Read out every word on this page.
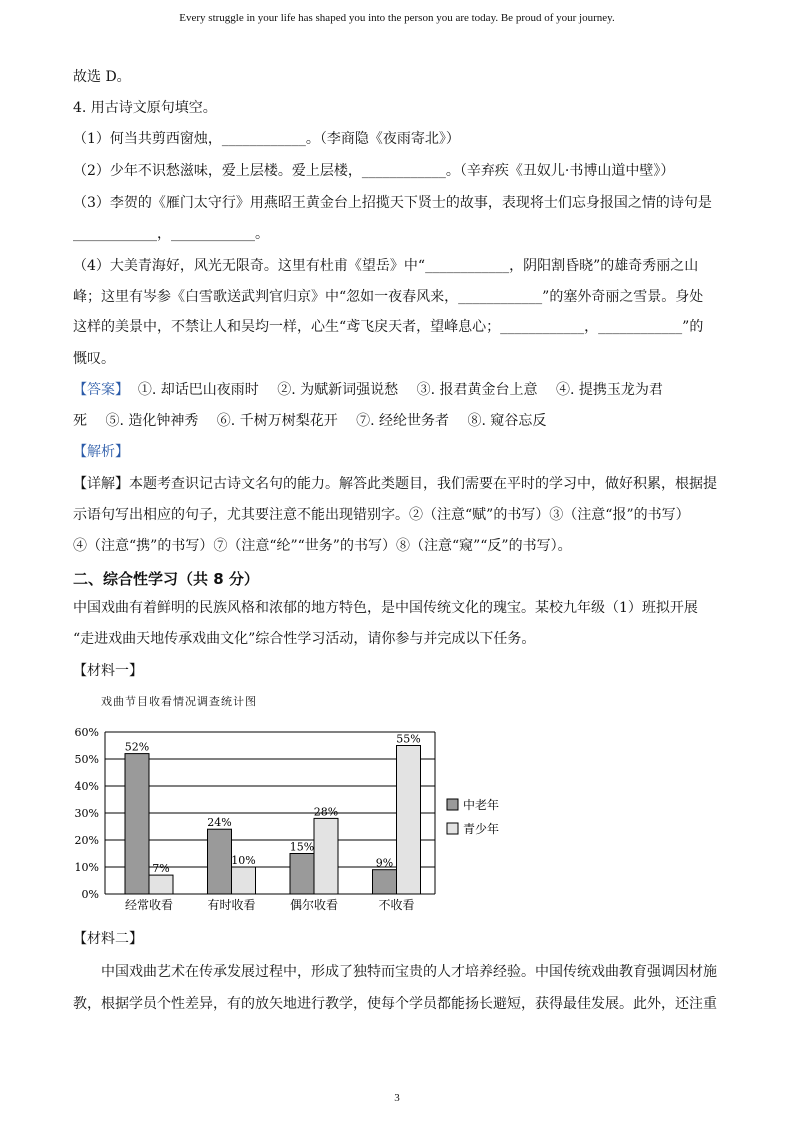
Every struggle in your life has shaped you into the person you are today. Be proud of your journey.
故选 D。
4. 用古诗文原句填空。
（1）何当共剪西窗烛，____________。（李商隐《夜雨寄北》）
（2）少年不识愁滋味，爱上层楼。爱上层楼，____________。（辛弃疾《丑奴儿·书博山道中壁》）
（3）李贺的《雁门太守行》用燕昭王黄金台上招揽天下贤士的故事，表现将士们忘身报国之情的诗句是
____________，____________。
（4）大美青海好，风光无限奇。这里有杜甫《望岳》中“____________，阴阳割昏晓”的雄奇秀丽之山
峰；这里有岑参《白雪歌送武判官归京》中“忽如一夜春风来，____________”的塞外奇丽之雪景。身处
这样的美景中，不禁让人和吴均一样，心生“鸢飞戾天者，望峰息心；____________，____________”的
慨叹。
【答案】 ①. 却话巴山夜雨时　 ②. 为赋新词强说愁　 ③. 报君黄金台上意　 ④. 提携玉龙为君
死　 ⑤. 造化钟神秀　 ⑥. 千树万树梨花开　 ⑦. 经纶世务者　 ⑧. 窥谷忘反
【解析】
【详解】本题考查识记古诗文名句的能力。解答此类题目，我们需要在平时的学习中，做好积累，根据提
示语句写出相应的句子，尤其要注意不能出现错别字。②（注意“赋”的书写）③（注意“报”的书写）
④（注意“携”的书写）⑦（注意“纶”“世务”的书写）⑧（注意“窥”“反”的书写）。
二、综合性学习（共 8 分）
中国戏曲有着鲜明的民族风格和浓郁的地方特色，是中国传统文化的瑰宝。某校九年级（1）班拟开展
“走进戏曲天地传承戏曲文化”综合性学习活动，请你参与并完成以下任务。
【材料一】
戏曲节目收看情况调查统计图
0%
10%
20%
30%
40%
50%
60%
52%
7%
经常收看
24%
10%
有时收看
15%
28%
偶尔收看
9%
55%
不收看
中老年
青少年
【材料二】
中国戏曲艺术在传承发展过程中，形成了独特而宝贵的人才培养经验。中国传统戏曲教育强调因材施
教，根据学员个性差异，有的放矢地进行教学，使每个学员都能扬长避短，获得最佳发展。此外，还注重
3
